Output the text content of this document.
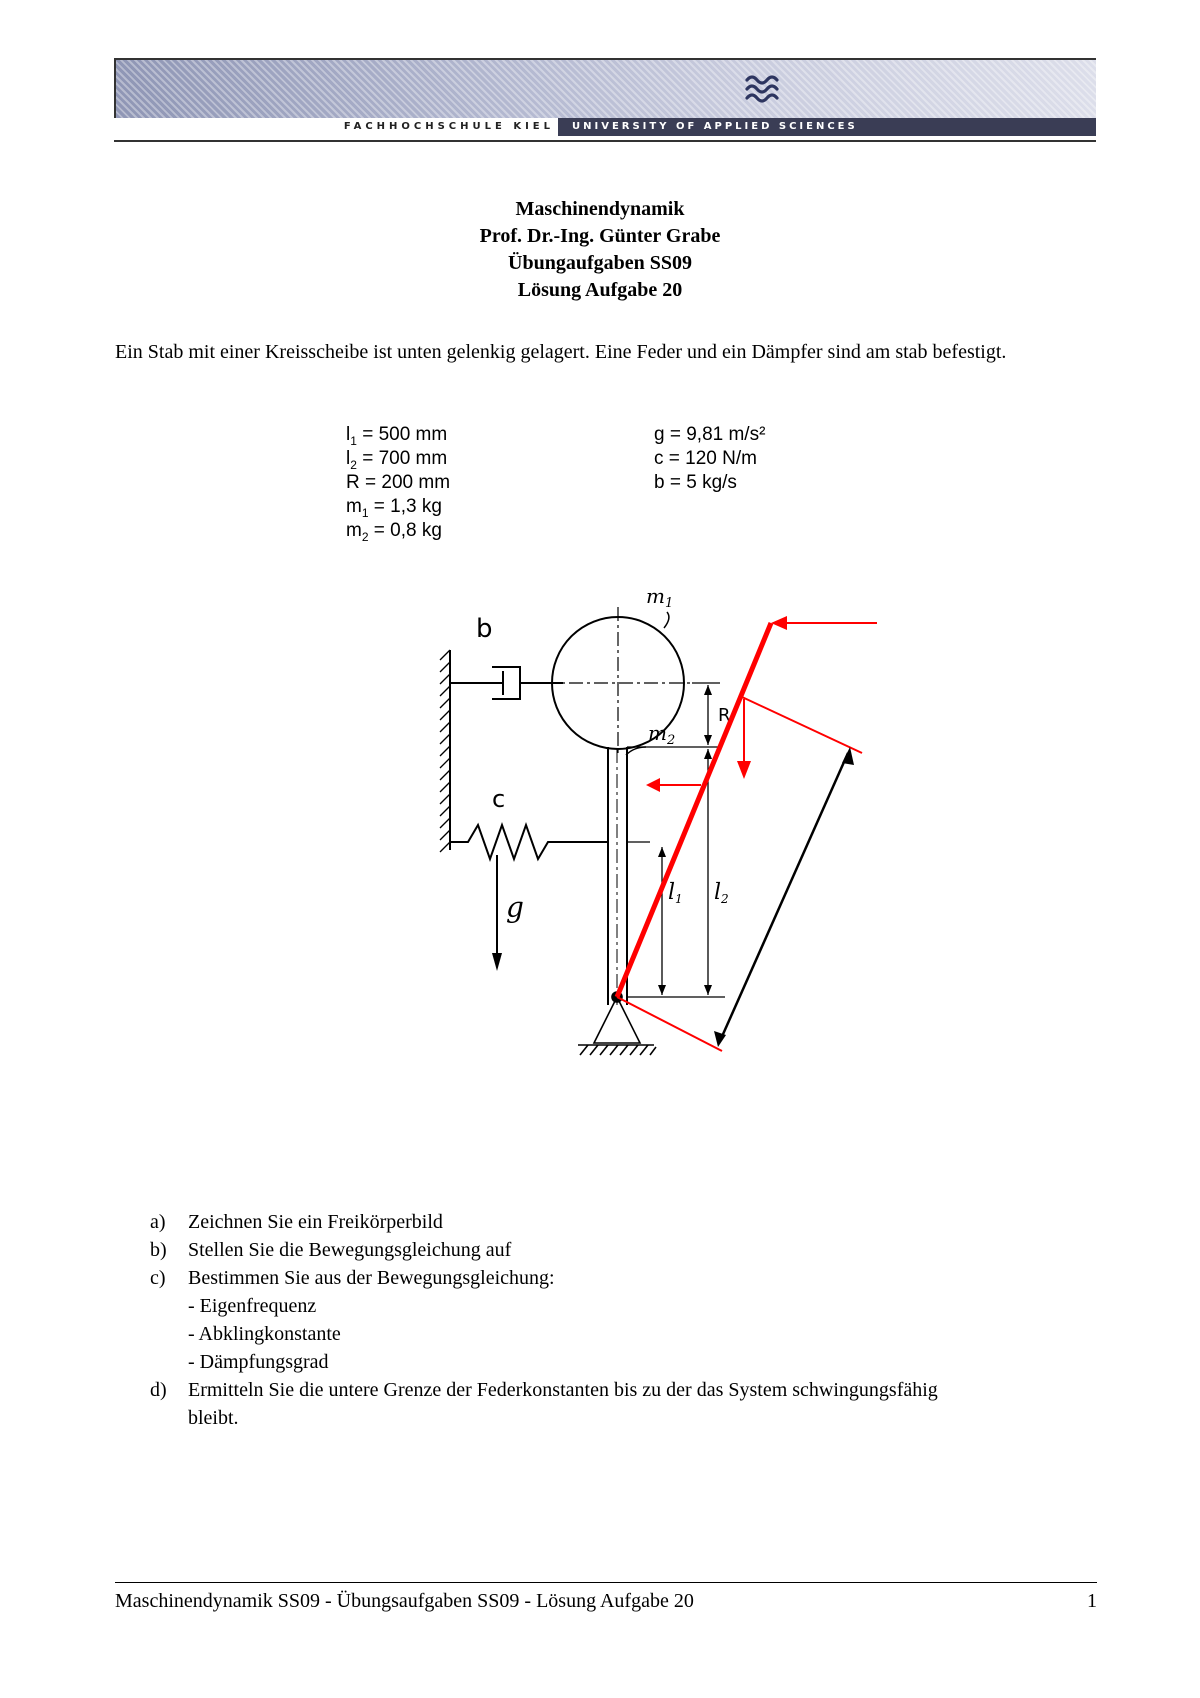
FACHHOCHSCHULE KIEL	UNIVERSITY OF APPLIED SCIENCES
Maschinendynamik
Prof. Dr.-Ing. Günter Grabe
Übungaufgaben SS09
Lösung Aufgabe 20
Ein Stab mit einer Kreisscheibe ist unten gelenkig gelagert. Eine Feder und ein Dämpfer sind am stab befestigt.
$l_1 = 500$ mm
$l_2 = 700$ mm
R = 200 mm
$m_1 = 1,3$ kg
$m_2 = 0,8$ kg
g = 9,81 m/s²
c = 120 N/m
b = 5 kg/s
b
$m_1$
$m_2$
c
g
R
l1 l2
a) Zeichnen Sie ein Freikörperbild
b) Stellen Sie die Bewegungsgleichung auf
c) Bestimmen Sie aus der Bewegungsgleichung:
- Eigenfrequenz
- Abklingkonstante
- Dämpfungsgrad
d) Ermitteln Sie die untere Grenze der Federkonstanten bis zu der das System schwingungsfähig bleibt.
Maschinendynamik SS09 - Übungsaufgaben SS09 - Lösung Aufgabe 20	1
